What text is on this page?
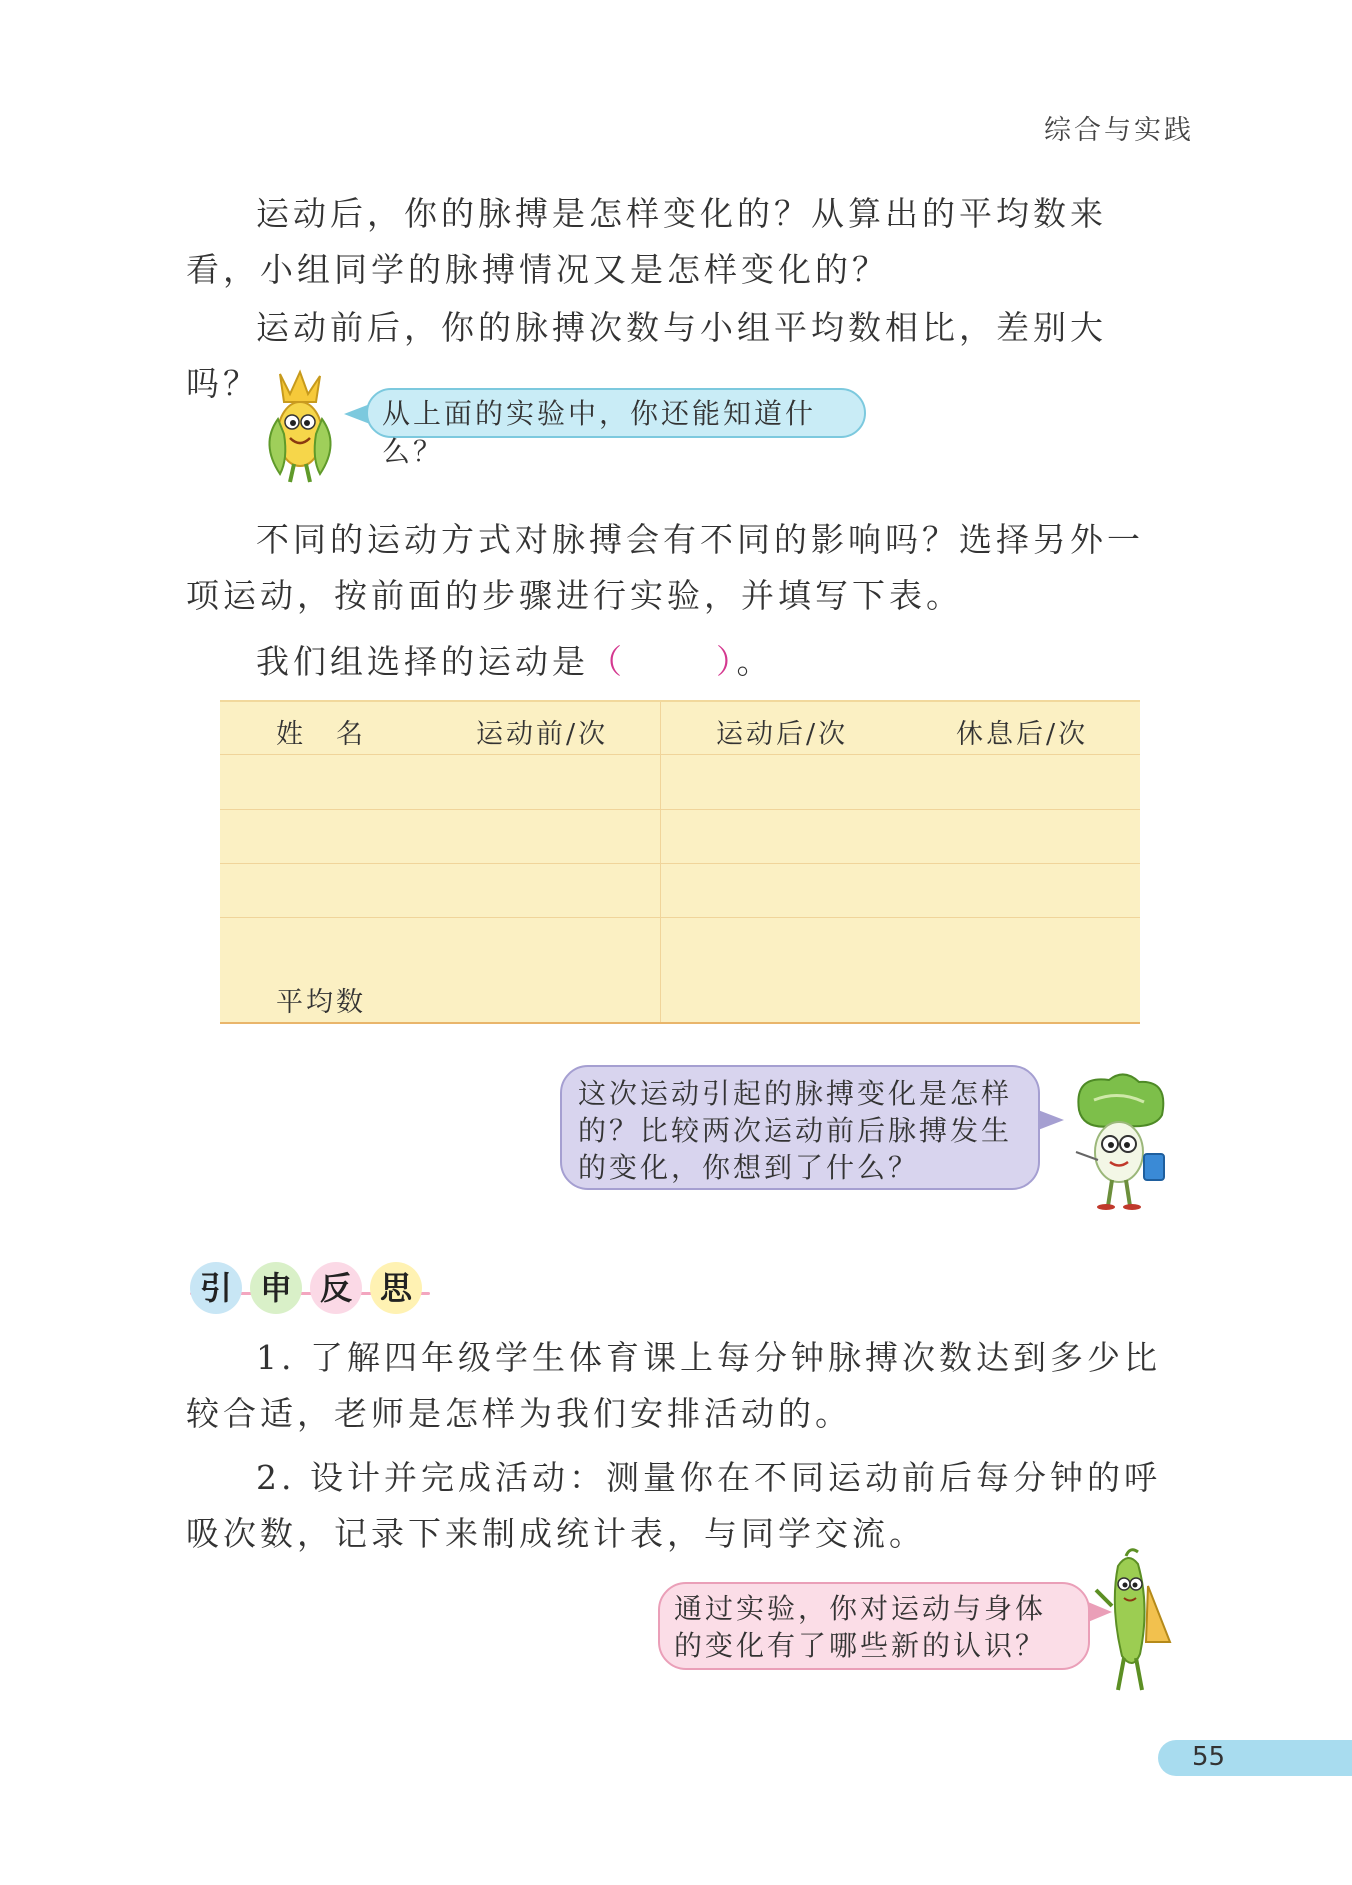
综合与实践
运动后，你的脉搏是怎样变化的？从算出的平均数来看，小组同学的脉搏情况又是怎样变化的？
运动前后，你的脉搏次数与小组平均数相比，差别大吗？
从上面的实验中，你还能知道什么？
不同的运动方式对脉搏会有不同的影响吗？选择另外一项运动，按前面的步骤进行实验，并填写下表。
我们组选择的运动是（	）。
姓　名	运动前/次	运动后/次	休息后/次
平均数
这次运动引起的脉搏变化是怎样的？比较两次运动前后脉搏发生的变化，你想到了什么？
引 申 反 思
1. 了解四年级学生体育课上每分钟脉搏次数达到多少比较合适，老师是怎样为我们安排活动的。
2. 设计并完成活动：测量你在不同运动前后每分钟的呼吸次数，记录下来制成统计表，与同学交流。
通过实验，你对运动与身体的变化有了哪些新的认识？
55
